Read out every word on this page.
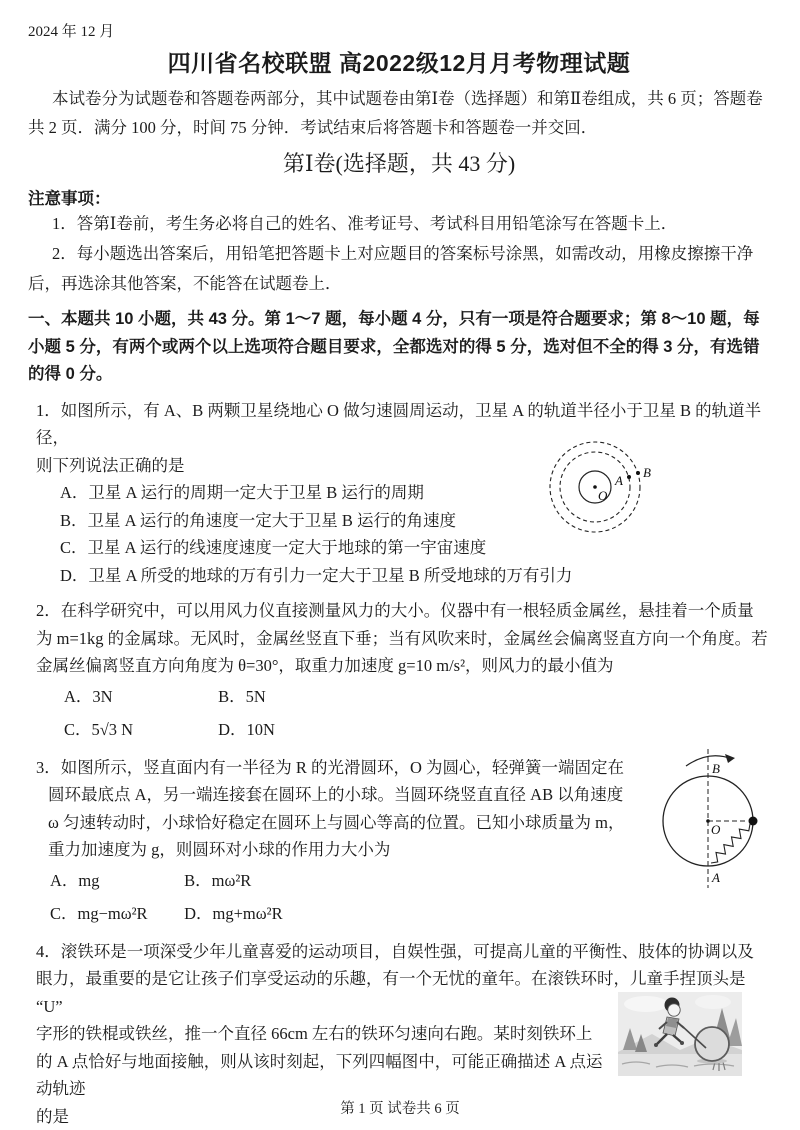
2024 年 12 月

四川省名校联盟 高2022级12月月考物理试题

本试卷分为试题卷和答题卷两部分，其中试题卷由第Ⅰ卷（选择题）和第Ⅱ卷组成，共 6 页；答题卷共 2 页．满分 100 分，时间 75 分钟．考试结束后将答题卡和答题卷一并交回．

第Ⅰ卷(选择题，共 43 分)

注意事项：

1．答第Ⅰ卷前，考生务必将自己的姓名、准考证号、考试科目用铅笔涂写在答题卡上．

2．每小题选出答案后，用铅笔把答题卡上对应题目的答案标号涂黑，如需改动，用橡皮擦擦干净后，再选涂其他答案，不能答在试题卷上．

一、本题共 10 小题，共 43 分。第 1～7 题，每小题 4 分，只有一项是符合题要求；第 8～10 题，每小题 5 分，有两个或两个以上选项符合题目要求，全都选对的得 5 分，选对但不全的得 3 分，有选错的得 0 分。

1．如图所示，有 A、B 两颗卫星绕地心 O 做匀速圆周运动，卫星 A 的轨道半径小于卫星 B 的轨道半径，

则下列说法正确的是

A．卫星 A 运行的周期一定大于卫星 B 运行的周期

B．卫星 A 运行的角速度一定大于卫星 B 运行的角速度

C．卫星 A 运行的线速度速度一定大于地球的第一宇宙速度

D．卫星 A 所受的地球的万有引力一定大于卫星 B 所受地球的万有引力

O
A
B

2．在科学研究中，可以用风力仪直接测量风力的大小。仪器中有一根轻质金属丝，悬挂着一个质量为 m=1kg 的金属球。无风时，金属丝竖直下垂；当有风吹来时，金属丝会偏离竖直方向一个角度。若金属丝偏离竖直方向角度为 θ=30°，取重力加速度 g=10 m/s²，则风力的最小值为

A．3N	B．5N
C．5√3 N	D．10N

3．如图所示，竖直面内有一半径为 R 的光滑圆环，O 为圆心，轻弹簧一端固定在圆环最底点 A，另一端连接套在圆环上的小球。当圆环绕竖直直径 AB 以角速度 ω 匀速转动时，小球恰好稳定在圆环上与圆心等高的位置。已知小球质量为 m，重力加速度为 g，则圆环对小球的作用力大小为

A．mg	B．mω²R
C．mg−mω²R D．mg+mω²R
B
A
O

4．滚铁环是一项深受少年儿童喜爱的运动项目，自娱性强，可提高儿童的平衡性、肢体的协调以及眼力，最重要的是它让孩子们享受运动的乐趣，有一个无忧的童年。在滚铁环时，儿童手捏顶头是“U”

字形的铁棍或铁丝，推一个直径 66cm 左右的铁环匀速向右跑。某时刻铁环上的 A 点恰好与地面接触，则从该时刻起，下列四幅图中，可能正确描述 A 点运动轨迹

的是	第 1 页 试卷共 6 页
